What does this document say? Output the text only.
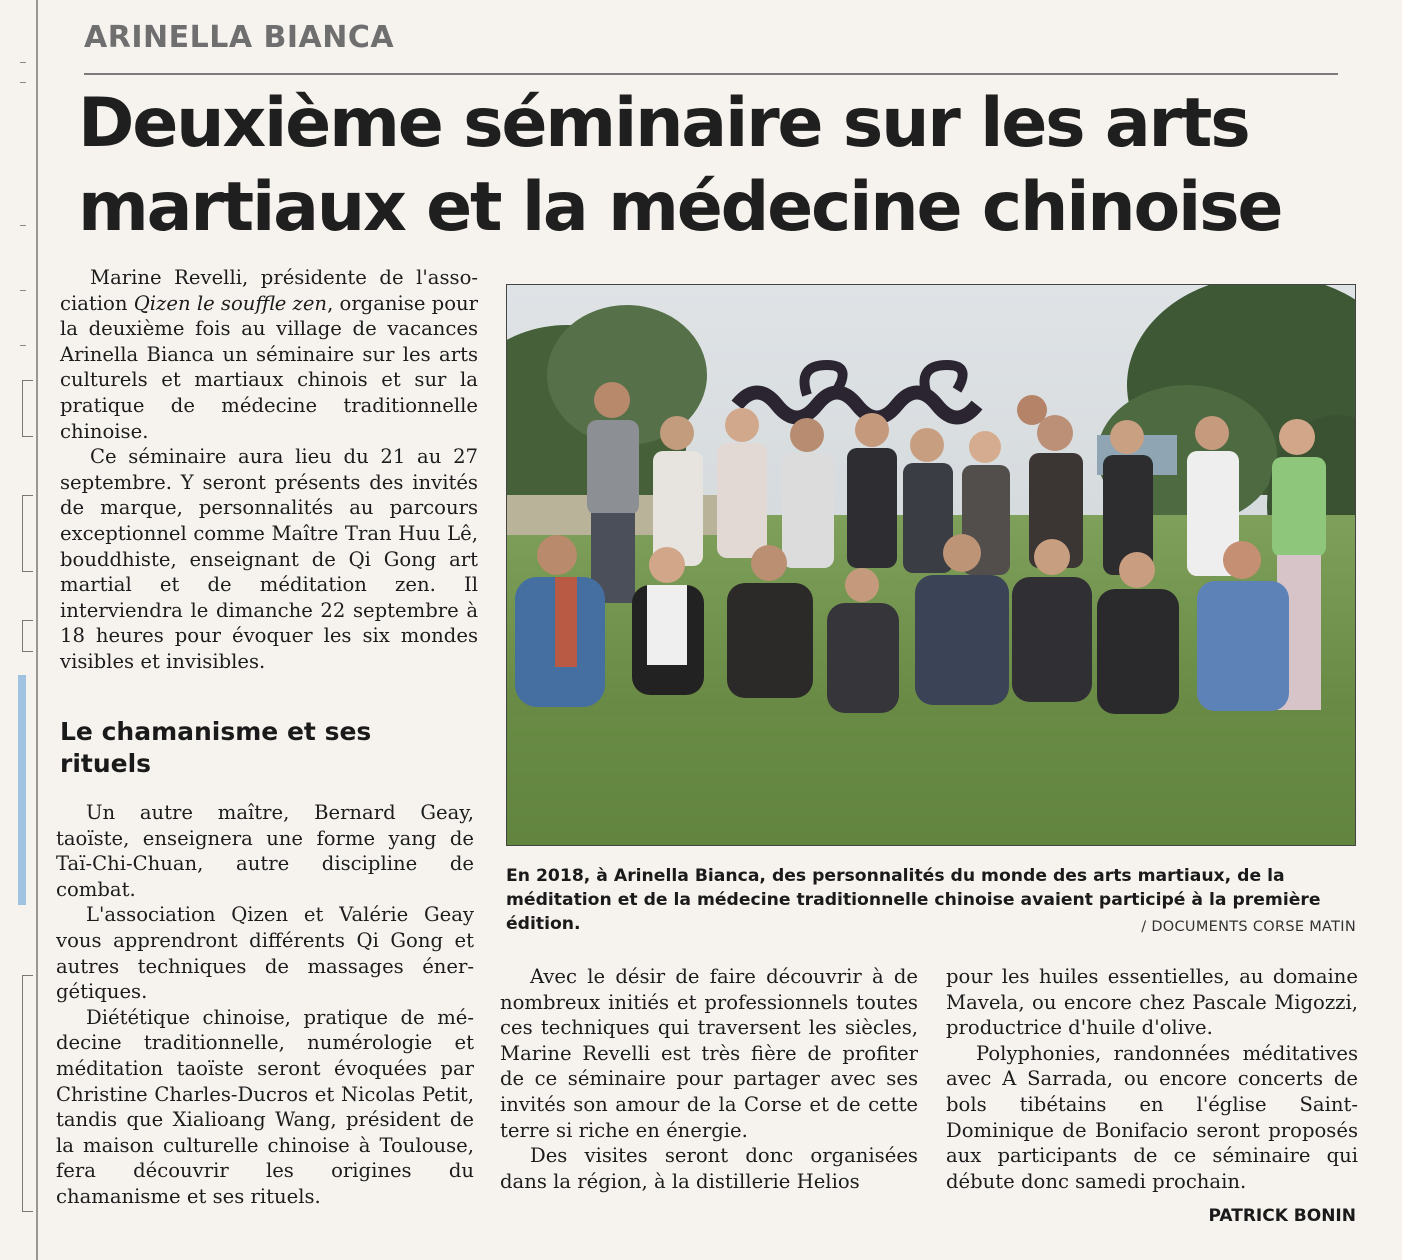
ARINELLA BIANCA
Deuxième séminaire sur les arts martiaux et la médecine chinoise

Marine Revelli, présidente de l'association Qizen le souffle zen, organise pour la deuxième fois au village de vacances Arinella Bianca un séminaire sur les arts culturels et martiaux chinois et sur la pratique de médecine traditionnelle chinoise.

Ce séminaire aura lieu du 21 au 27 septembre. Y seront présents des invités de marque, personnalités au parcours exceptionnel comme Maître Tran Huu Lê, bouddhiste, enseignant de Qi Gong art martial et de méditation zen. Il interviendra le dimanche 22 septembre à 18 heures pour évoquer les six mondes visibles et invisibles.

Le chamanisme et ses rituels

Un autre maître, Bernard Geay, taoïste, enseignera une forme yang de Taï-Chi-Chuan, autre discipline de combat.

L'association Qizen et Valérie Geay vous apprendront différents Qi Gong et autres techniques de massages énergétiques.

Diététique chinoise, pratique de médecine traditionnelle, numérologie et méditation taoïste seront évoquées par Christine Charles-Ducros et Nicolas Petit, tandis que Xialioang Wang, président de la maison culturelle chinoise à Toulouse, fera découvrir les origines du chamanisme et ses rituels.

En 2018, à Arinella Bianca, des personnalités du monde des arts martiaux, de la méditation et de la médecine traditionnelle chinoise avaient participé à la première édition.	/ DOCUMENTS CORSE MATIN

Avec le désir de faire découvrir à de nombreux initiés et professionnels toutes ces techniques qui traversent les siècles, Marine Revelli est très fière de profiter de ce séminaire pour partager avec ses invités son amour de la Corse et de cette terre si riche en énergie.

Des visites seront donc organisées dans la région, à la distillerie Helios

pour les huiles essentielles, au domaine Mavela, ou encore chez Pascale Migozzi, productrice d'huile d'olive.

Polyphonies, randonnées méditatives avec A Sarrada, ou encore concerts de bols tibétains en l'église Saint-Dominique de Bonifacio seront proposés aux participants de ce séminaire qui débute donc samedi prochain.

PATRICK BONIN
